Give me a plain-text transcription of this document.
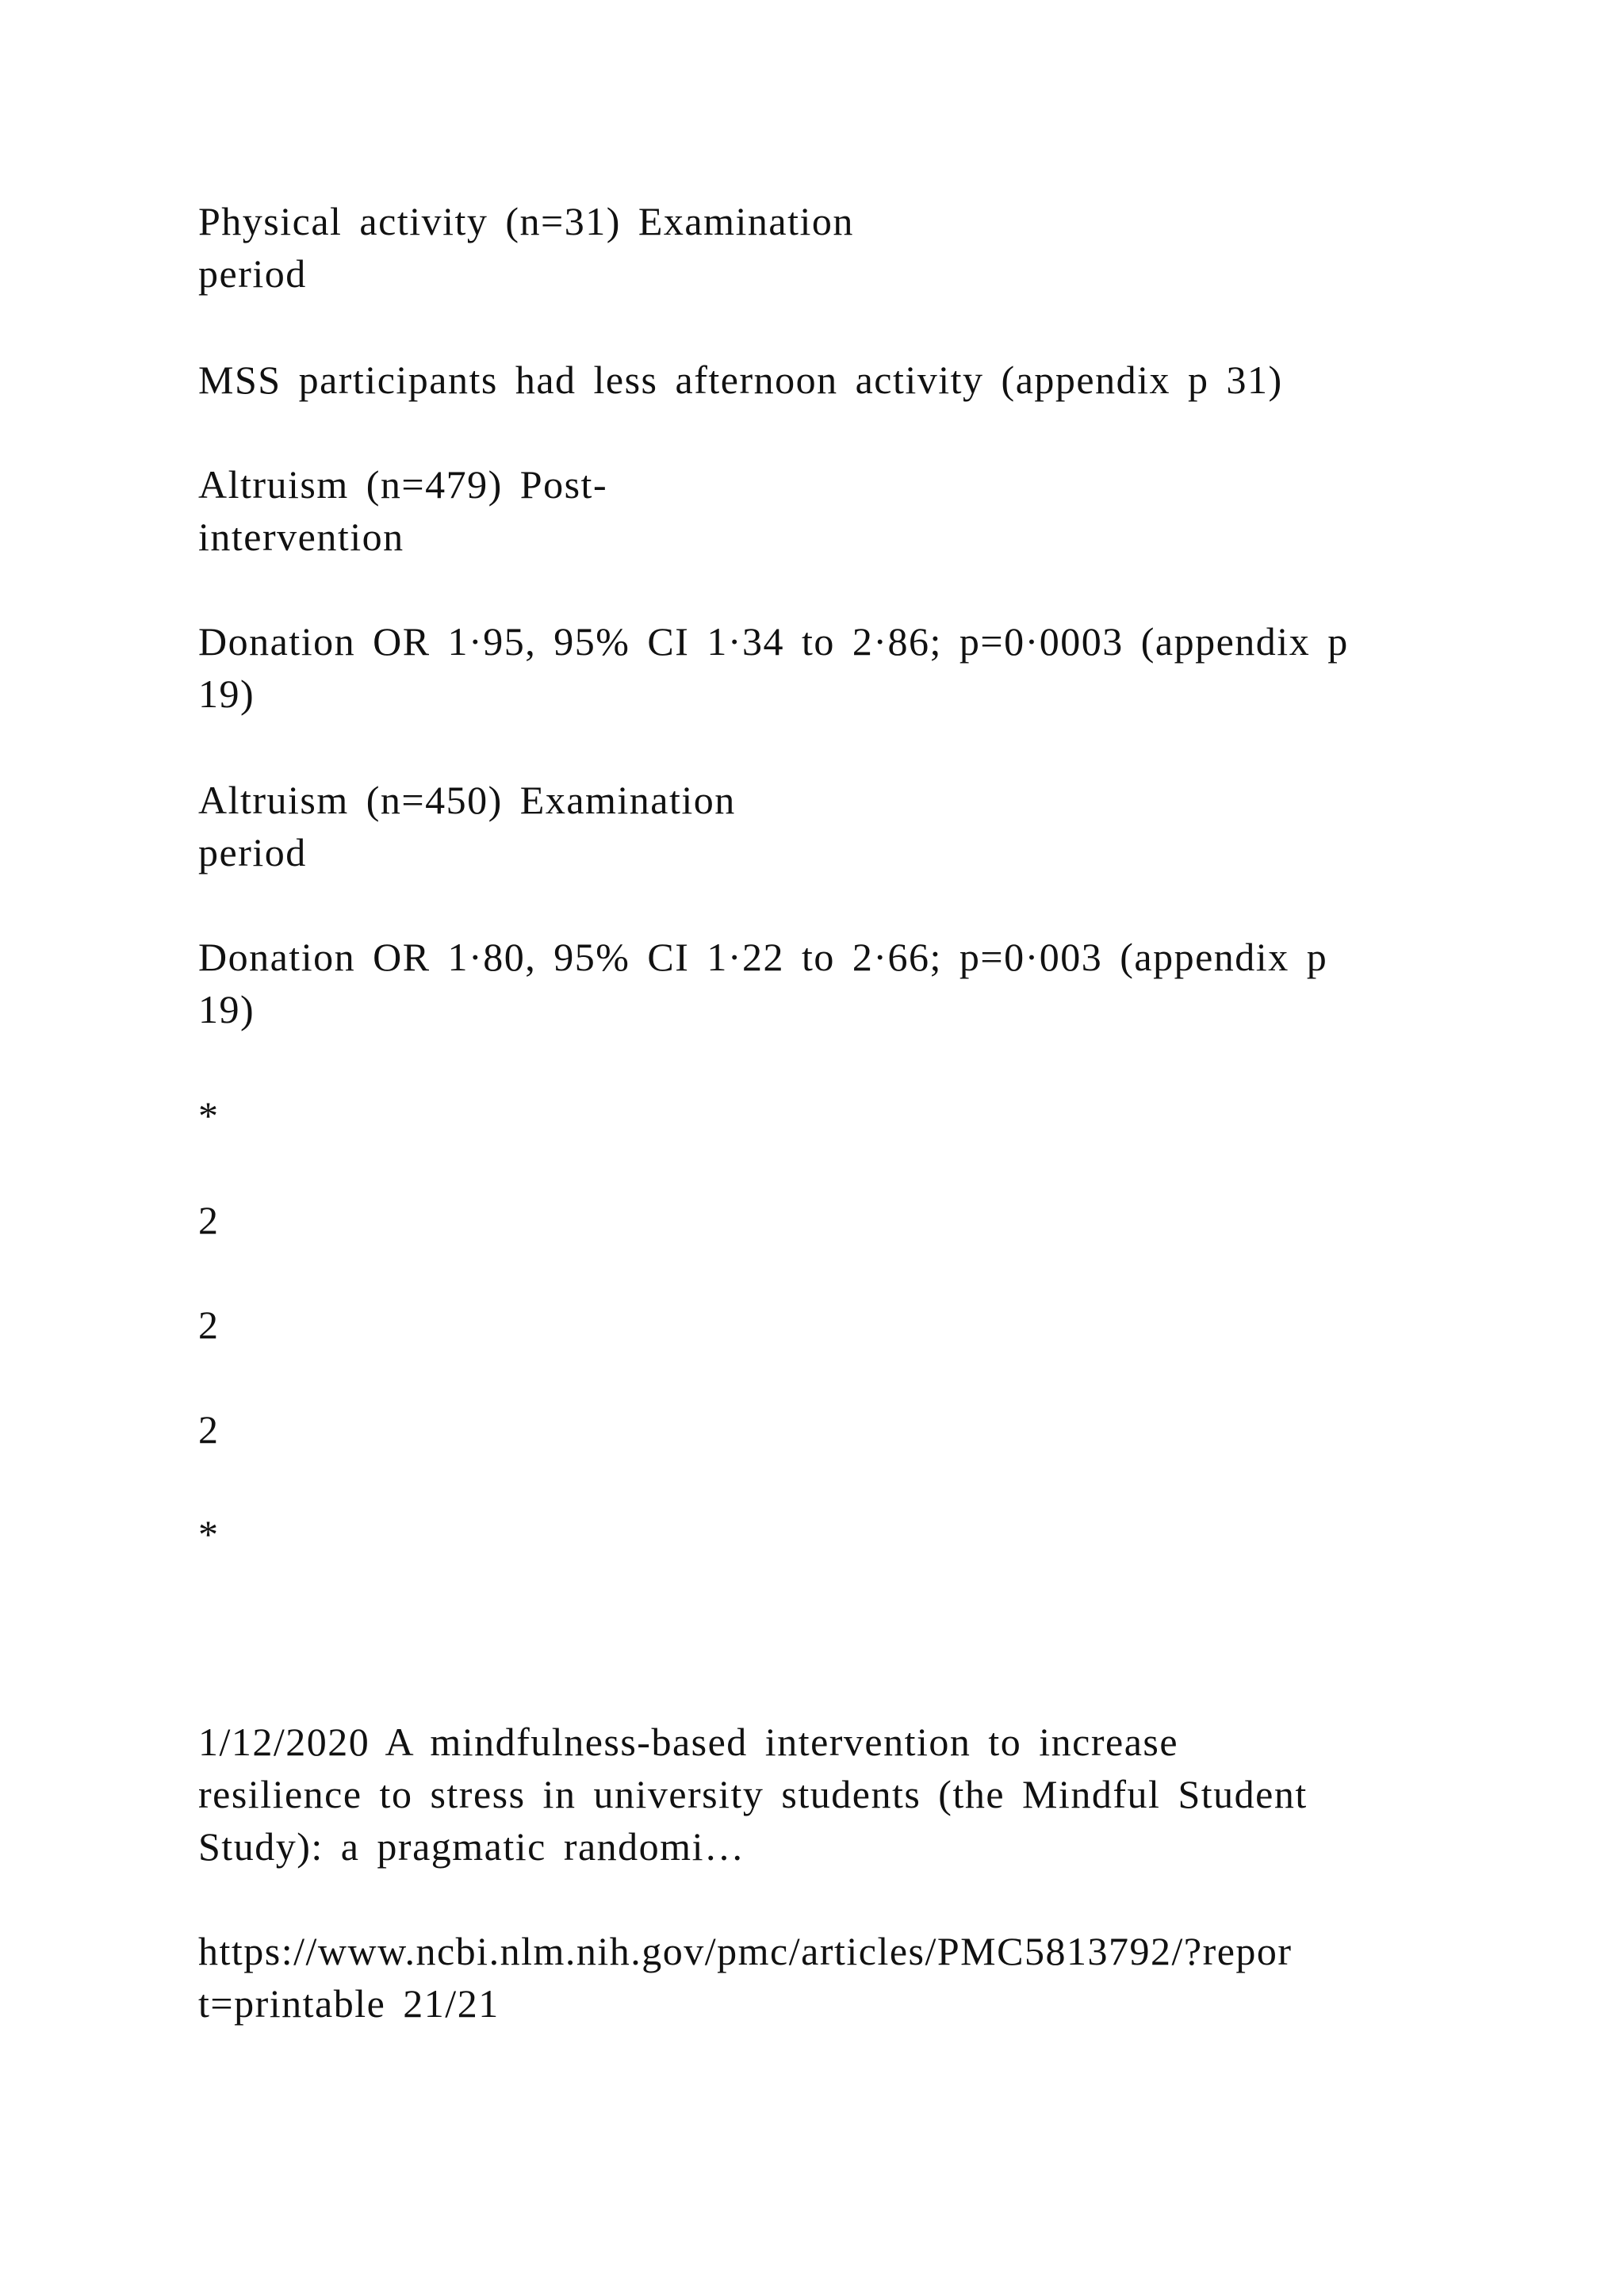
Physical activity (n=31) Examination
period

MSS participants had less afternoon activity (appendix p 31)

Altruism (n=479) Post-
intervention

Donation OR 1·95, 95% CI 1·34 to 2·86; p=0·0003 (appendix p
19)

Altruism (n=450) Examination
period

Donation OR 1·80, 95% CI 1·22 to 2·66; p=0·003 (appendix p
19)

*

2

2

2

*

1/12/2020 A mindfulness-based intervention to increase
resilience to stress in university students (the Mindful Student
Study): a pragmatic randomi…

https://www.ncbi.nlm.nih.gov/pmc/articles/PMC5813792/?repor
t=printable 21/21
